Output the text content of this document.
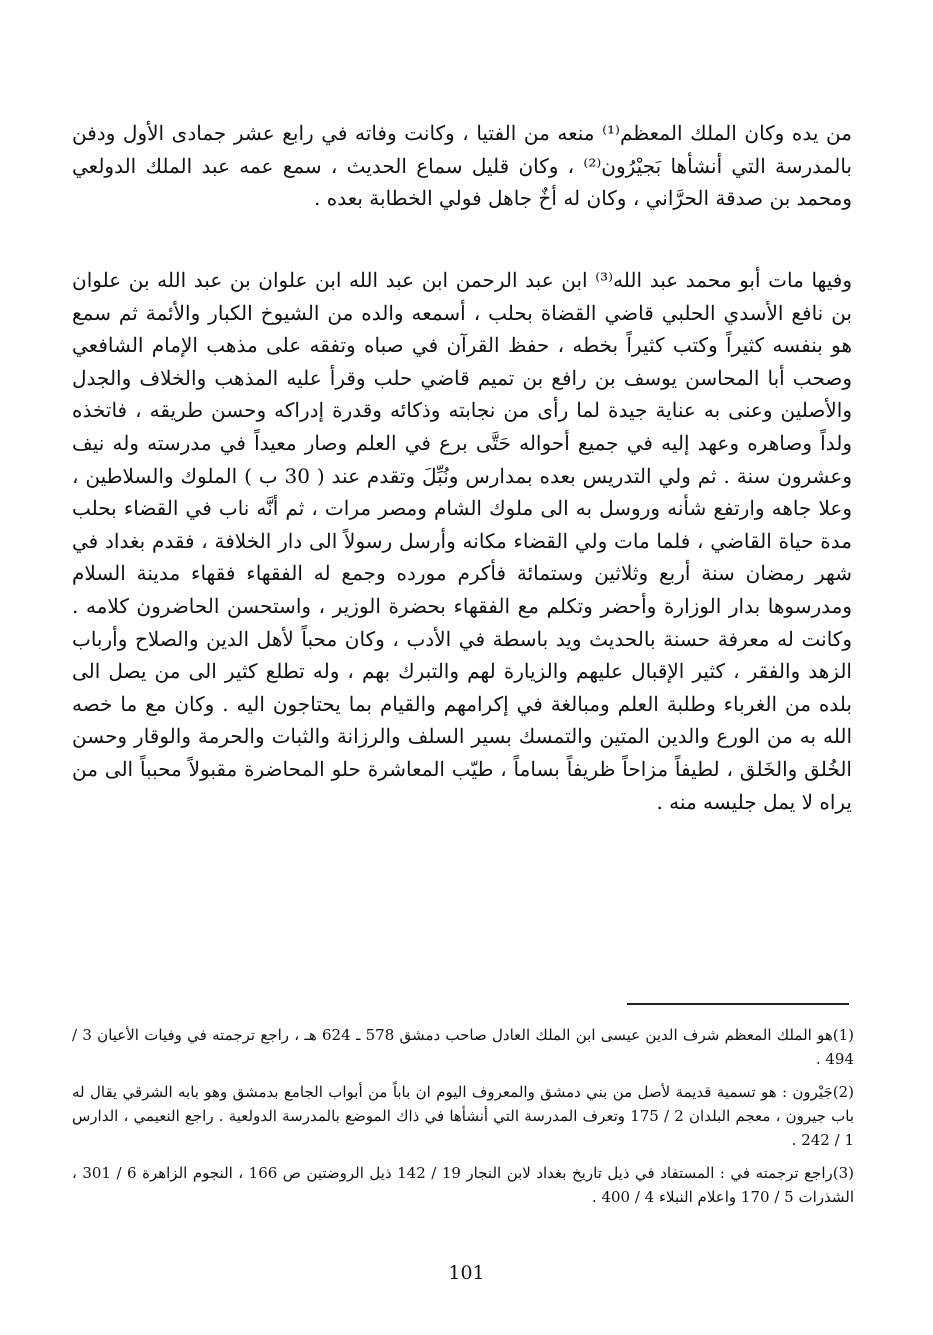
من يده وكان الملك المعظم⁽¹⁾ منعه من الفتيا ، وكانت وفاته في رابع عشر جمادى الأول ودفن بالمدرسة التي أنشأها بَجيْرُون⁽²⁾ ، وكان قليل سماع الحديث ، سمع عمه عبد الملك الدولعي ومحمد بن صدقة الحرَّاني ، وكان له أخٌ جاهل فولي الخطابة بعده .

وفيها مات أبو محمد عبد الله⁽³⁾ ابن عبد الرحمن ابن عبد الله ابن علوان بن عبد الله بن علوان بن نافع الأسدي الحلبي قاضي القضاة بحلب ، أسمعه والده من الشيوخ الكبار والأئمة ثم سمع هو بنفسه كثيراً وكتب كثيراً بخطه ، حفظ القرآن في صباه وتفقه على مذهب الإمام الشافعي وصحب أبا المحاسن يوسف بن رافع بن تميم قاضي حلب وقرأ عليه المذهب والخلاف والجدل والأصلين وعنى به عناية جيدة لما رأى من نجابته وذكائه وقدرة إدراكه وحسن طريقه ، فاتخذه ولداً وصاهره وعهد إليه في جميع أحواله حَتَّى برع في العلم وصار معيداً في مدرسته وله نيف وعشرون سنة . ثم ولي التدريس بعده بمدارس ونُبِّلَ وتقدم عند ( 30 ب ) الملوك والسلاطين ، وعلا جاهه وارتفع شأنه وروسل به الى ملوك الشام ومصر مرات ، ثم أنَّه ناب في القضاء بحلب مدة حياة القاضي ، فلما مات ولي القضاء مكانه وأرسل رسولاً الى دار الخلافة ، فقدم بغداد في شهر رمضان سنة أربع وثلاثين وستمائة فأكرم مورده وجمع له الفقهاء فقهاء مدينة السلام ومدرسوها بدار الوزارة وأحضر وتكلم مع الفقهاء بحضرة الوزير ، واستحسن الحاضرون كلامه . وكانت له معرفة حسنة بالحديث ويد باسطة في الأدب ، وكان محباً لأهل الدين والصلاح وأرباب الزهد والفقر ، كثير الإقبال عليهم والزيارة لهم والتبرك بهم ، وله تطلع كثير الى من يصل الى بلده من الغرباء وطلبة العلم ومبالغة في إكرامهم والقيام بما يحتاجون اليه . وكان مع ما خصه الله به من الورع والدين المتين والتمسك بسير السلف والرزانة والثبات والحرمة والوقار وحسن الخُلق والخَلق ، لطيفاً مزاحاً ظريفاً بساماً ، طيّب المعاشرة حلو المحاضرة مقبولاً محبباً الى من يراه لا يمل جليسه منه .

(1)هو الملك المعظم شرف الدين عيسى ابن الملك العادل صاحب دمشق 578 ـ 624 هـ ، راجع ترجمته في وفيات الأعيان 3 / 494 .

(2)جَيْرون : هو تسمية قديمة لأصل من بني دمشق والمعروف اليوم ان باباً من أبواب الجامع بدمشق وهو بابه الشرقي يقال له باب جيرون ، معجم البلدان 2 / 175 وتعرف المدرسة التي أنشأها في ذاك الموضع بالمدرسة الدولعية . راجع النعيمي ، الدارس 1 / 242 .

(3)راجع ترجمته في : المستفاد في ذيل تاريخ بغداد لابن النجار 19 / 142 ذيل الروضتين ص 166 ، النجوم الزاهرة 6 / 301 ، الشذرات 5 / 170 واعلام النبلاء 4 / 400 .

101
